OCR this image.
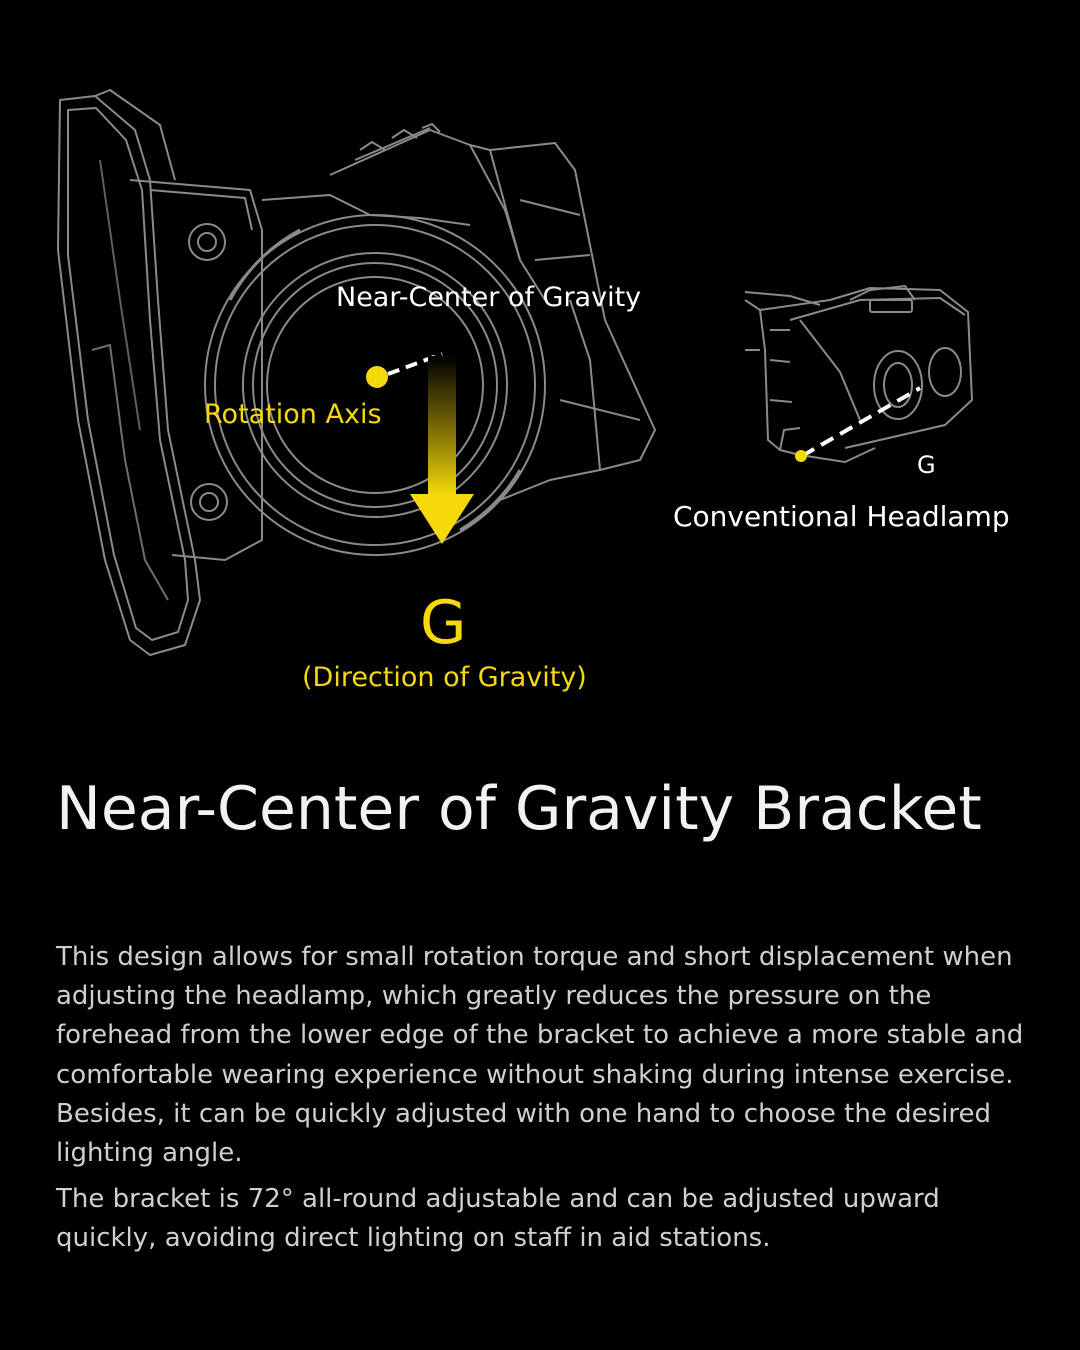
Near-Center of Gravity
Rotation Axis
G
(Direction of Gravity)
G
Conventional Headlamp
Near-Center of Gravity Bracket

This design allows for small rotation torque and short displacement when adjusting the headlamp, which greatly reduces the pressure on the forehead from the lower edge of the bracket to achieve a more stable and comfortable wearing experience without shaking during intense exercise. Besides, it can be quickly adjusted with one hand to choose the desired lighting angle.

The bracket is 72° all-round adjustable and can be adjusted upward quickly, avoiding direct lighting on staff in aid stations.
